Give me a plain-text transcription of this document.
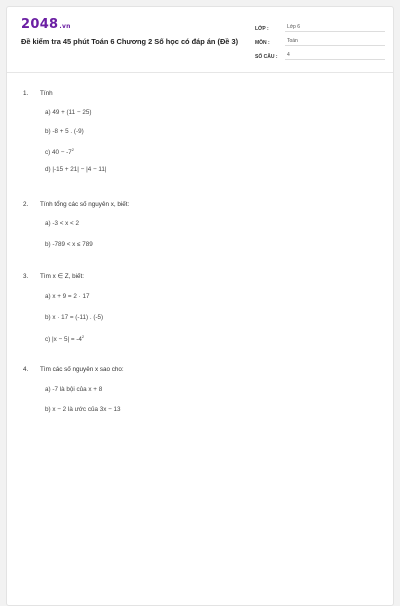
2048.vn
Đề kiểm tra 45 phút Toán 6 Chương 2 Số học có đáp án (Đề 3)
LỚP :	Lớp 6
MÔN :	Toán
SỐ CÂU :	4
1.	Tính
a) 49 + (11 − 25)
b) -8 + 5 . (-9)
c) $40 - -7^2$
d) |-15 + 21| − |4 − 11|
2.	Tính tổng các số nguyên x, biết:
a) -3 < x < 2
b) -789 < x ≤ 789
3.	Tìm x ∈ Z, biết:
a) x + 9 = 2 · 17
b) x · 17 = (-11) . (-5)
c) $|x - 5| = -4^2$
4.	Tìm các số nguyên x sao cho:
a) -7 là bội của x + 8
b) x − 2 là ước của 3x − 13
